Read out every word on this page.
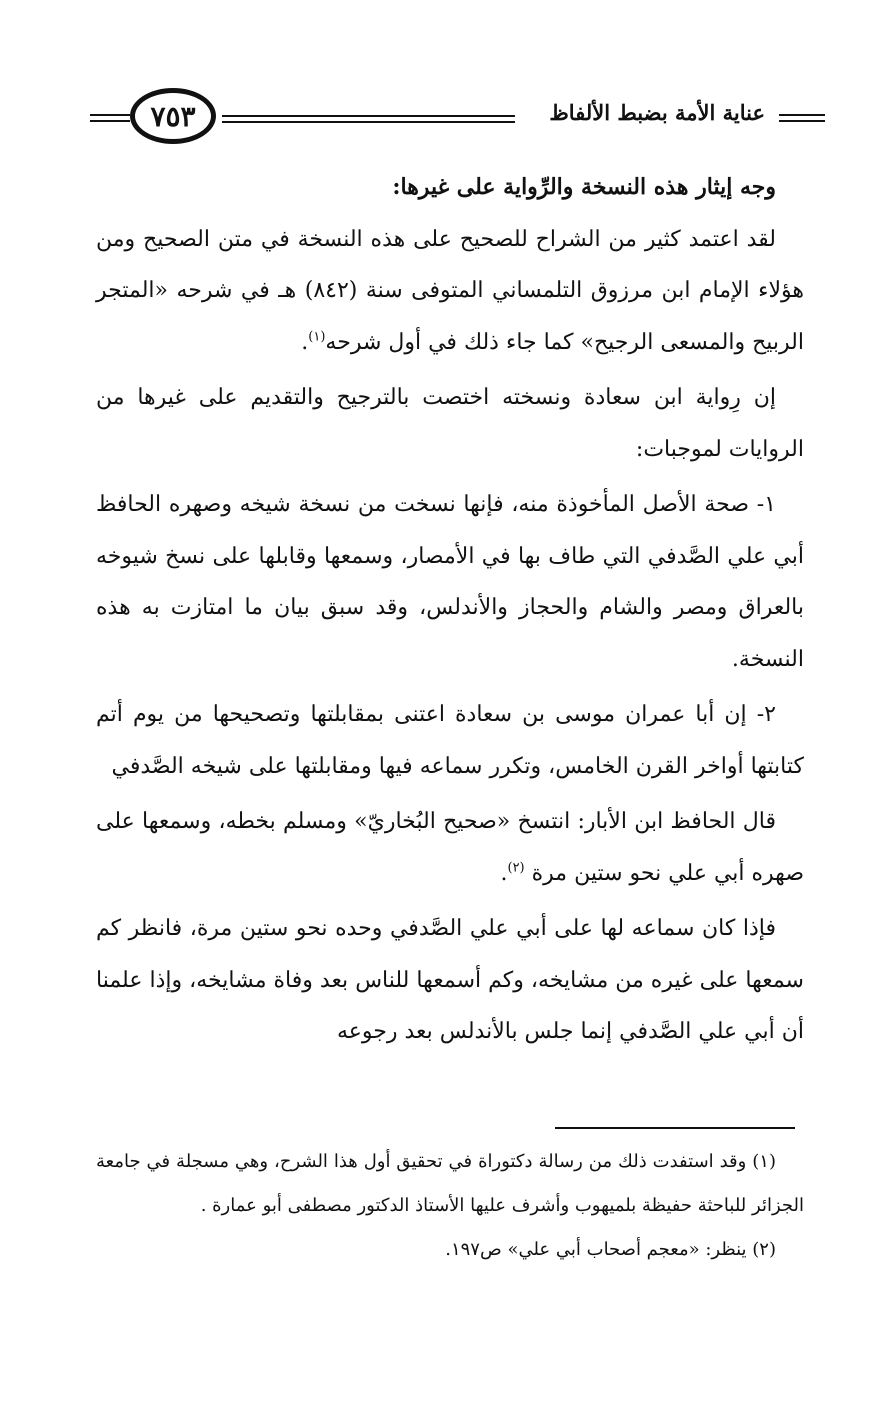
عناية الأمة بضبط الألفاظ
٧٥٣

وجه إيثار هذه النسخة والرِّواية على غيرها:

لقد اعتمد كثير من الشراح للصحيح على هذه النسخة في متن الصحيح ومن هؤلاء الإمام ابن مرزوق التلمساني المتوفى سنة (٨٤٢) هـ في شرحه «المتجر الربيح والمسعى الرجيح» كما جاء ذلك في أول شرحه$^{(١)}$.

إن رِواية ابن سعادة ونسخته اختصت بالترجيح والتقديم على غيرها من الروايات لموجبات:

١- صحة الأصل المأخوذة منه، فإنها نسخت من نسخة شيخه وصهره الحافظ أبي علي الصَّدفي التي طاف بها في الأمصار، وسمعها وقابلها على نسخ شيوخه بالعراق ومصر والشام والحجاز والأندلس، وقد سبق بيان ما امتازت به هذه النسخة.

٢- إن أبا عمران موسى بن سعادة اعتنى بمقابلتها وتصحيحها من يوم أتم كتابتها أواخر القرن الخامس، وتكرر سماعه فيها ومقابلتها على شيخه الصَّدفي

قال الحافظ ابن الأبار: انتسخ «صحيح البُخاريّ» ومسلم بخطه، وسمعها على صهره أبي علي نحو ستين مرة $^{(٢)}$.

فإذا كان سماعه لها على أبي علي الصَّدفي وحده نحو ستين مرة، فانظر كم سمعها على غيره من مشايخه، وكم أسمعها للناس بعد وفاة مشايخه، وإذا علمنا أن أبي علي الصَّدفي إنما جلس بالأندلس بعد رجوعه

(١) وقد استفدت ذلك من رسالة دكتوراة في تحقيق أول هذا الشرح، وهي مسجلة في جامعة الجزائر للباحثة حفيظة بلميهوب وأشرف عليها الأستاذ الدكتور مصطفى أبو عمارة .

(٢) ينظر: «معجم أصحاب أبي علي» ص١٩٧.
